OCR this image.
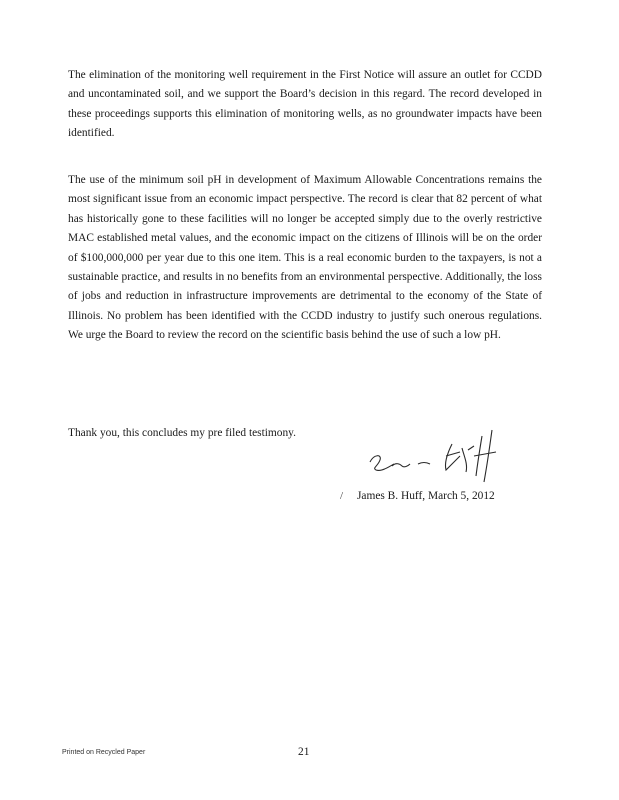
The elimination of the monitoring well requirement in the First Notice will assure an outlet for CCDD and uncontaminated soil, and we support the Board’s decision in this regard. The record developed in these proceedings supports this elimination of monitoring wells, as no groundwater impacts have been identified.

The use of the minimum soil pH in development of Maximum Allowable Concentrations remains the most significant issue from an economic impact perspective. The record is clear that 82 percent of what has historically gone to these facilities will no longer be accepted simply due to the overly restrictive MAC established metal values, and the economic impact on the citizens of Illinois will be on the order of $100,000,000 per year due to this one item. This is a real economic burden to the taxpayers, is not a sustainable practice, and results in no benefits from an environmental perspective. Additionally, the loss of jobs and reduction in infrastructure improvements are detrimental to the economy of the State of Illinois. No problem has been identified with the CCDD industry to justify such onerous regulations. We urge the Board to review the record on the scientific basis behind the use of such a low pH.

Thank you, this concludes my pre filed testimony.

/ James B. Huff, March 5, 2012
Printed on Recycled Paper	21
